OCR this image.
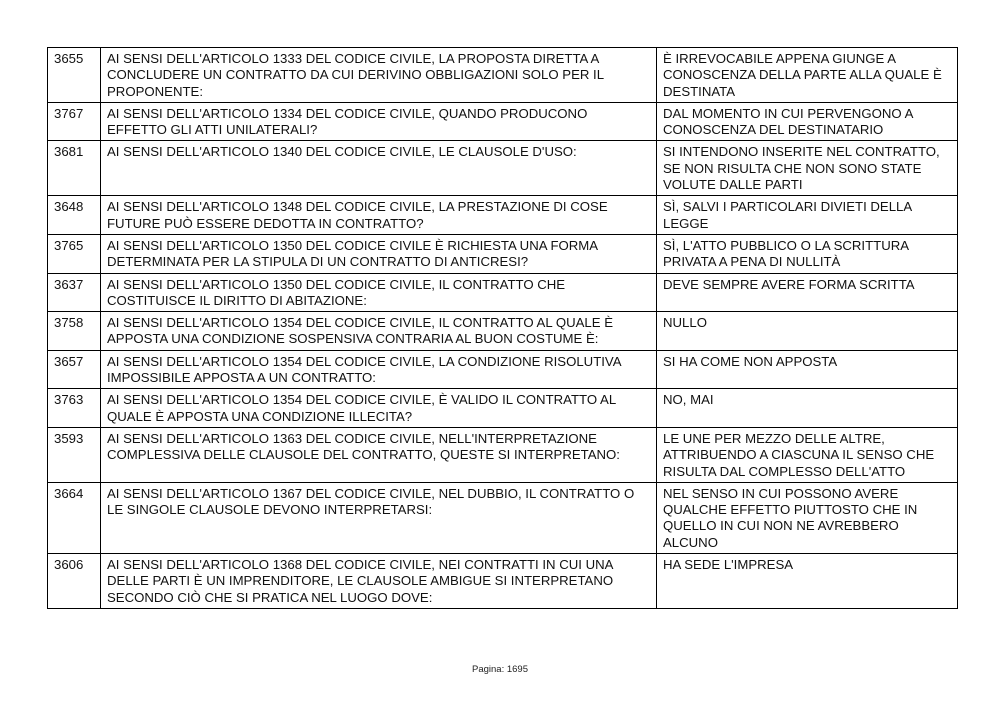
3655	AI SENSI DELL'ARTICOLO 1333 DEL CODICE CIVILE, LA PROPOSTA DIRETTA A CONCLUDERE UN CONTRATTO DA CUI DERIVINO OBBLIGAZIONI SOLO PER IL PROPONENTE:	È IRREVOCABILE APPENA GIUNGE A CONOSCENZA DELLA PARTE ALLA QUALE È DESTINATA
3767	AI SENSI DELL'ARTICOLO 1334 DEL CODICE CIVILE, QUANDO PRODUCONO EFFETTO GLI ATTI UNILATERALI?	DAL MOMENTO IN CUI PERVENGONO A CONOSCENZA DEL DESTINATARIO
3681	AI SENSI DELL'ARTICOLO 1340 DEL CODICE CIVILE, LE CLAUSOLE D'USO:	SI INTENDONO INSERITE NEL CONTRATTO, SE NON RISULTA CHE NON SONO STATE VOLUTE DALLE PARTI
3648	AI SENSI DELL'ARTICOLO 1348 DEL CODICE CIVILE, LA PRESTAZIONE DI COSE FUTURE PUÒ ESSERE DEDOTTA IN CONTRATTO?	SÌ, SALVI I PARTICOLARI DIVIETI DELLA LEGGE
3765	AI SENSI DELL'ARTICOLO 1350 DEL CODICE CIVILE È RICHIESTA UNA FORMA DETERMINATA PER LA STIPULA DI UN CONTRATTO DI ANTICRESI?	SÌ, L'ATTO PUBBLICO O LA SCRITTURA PRIVATA A PENA DI NULLITÀ
3637	AI SENSI DELL'ARTICOLO 1350 DEL CODICE CIVILE, IL CONTRATTO CHE COSTITUISCE IL DIRITTO DI ABITAZIONE:	DEVE SEMPRE AVERE FORMA SCRITTA
3758	AI SENSI DELL'ARTICOLO 1354 DEL CODICE CIVILE, IL CONTRATTO AL QUALE È APPOSTA UNA CONDIZIONE SOSPENSIVA CONTRARIA AL BUON COSTUME È:	NULLO
3657	AI SENSI DELL'ARTICOLO 1354 DEL CODICE CIVILE, LA CONDIZIONE RISOLUTIVA IMPOSSIBILE APPOSTA A UN CONTRATTO:	SI HA COME NON APPOSTA
3763	AI SENSI DELL'ARTICOLO 1354 DEL CODICE CIVILE, È VALIDO IL CONTRATTO AL QUALE È APPOSTA UNA CONDIZIONE ILLECITA?	NO, MAI
3593	AI SENSI DELL'ARTICOLO 1363 DEL CODICE CIVILE, NELL'INTERPRETAZIONE COMPLESSIVA DELLE CLAUSOLE DEL CONTRATTO, QUESTE SI INTERPRETANO:	LE UNE PER MEZZO DELLE ALTRE, ATTRIBUENDO A CIASCUNA IL SENSO CHE RISULTA DAL COMPLESSO DELL'ATTO
3664	AI SENSI DELL'ARTICOLO 1367 DEL CODICE CIVILE, NEL DUBBIO, IL CONTRATTO O LE SINGOLE CLAUSOLE DEVONO INTERPRETARSI:	NEL SENSO IN CUI POSSONO AVERE QUALCHE EFFETTO PIUTTOSTO CHE IN QUELLO IN CUI NON NE AVREBBERO ALCUNO
3606	AI SENSI DELL'ARTICOLO 1368 DEL CODICE CIVILE, NEI CONTRATTI IN CUI UNA DELLE PARTI È UN IMPRENDITORE, LE CLAUSOLE AMBIGUE SI INTERPRETANO SECONDO CIÒ CHE SI PRATICA NEL LUOGO DOVE:	HA SEDE L'IMPRESA
Pagina: 1695
